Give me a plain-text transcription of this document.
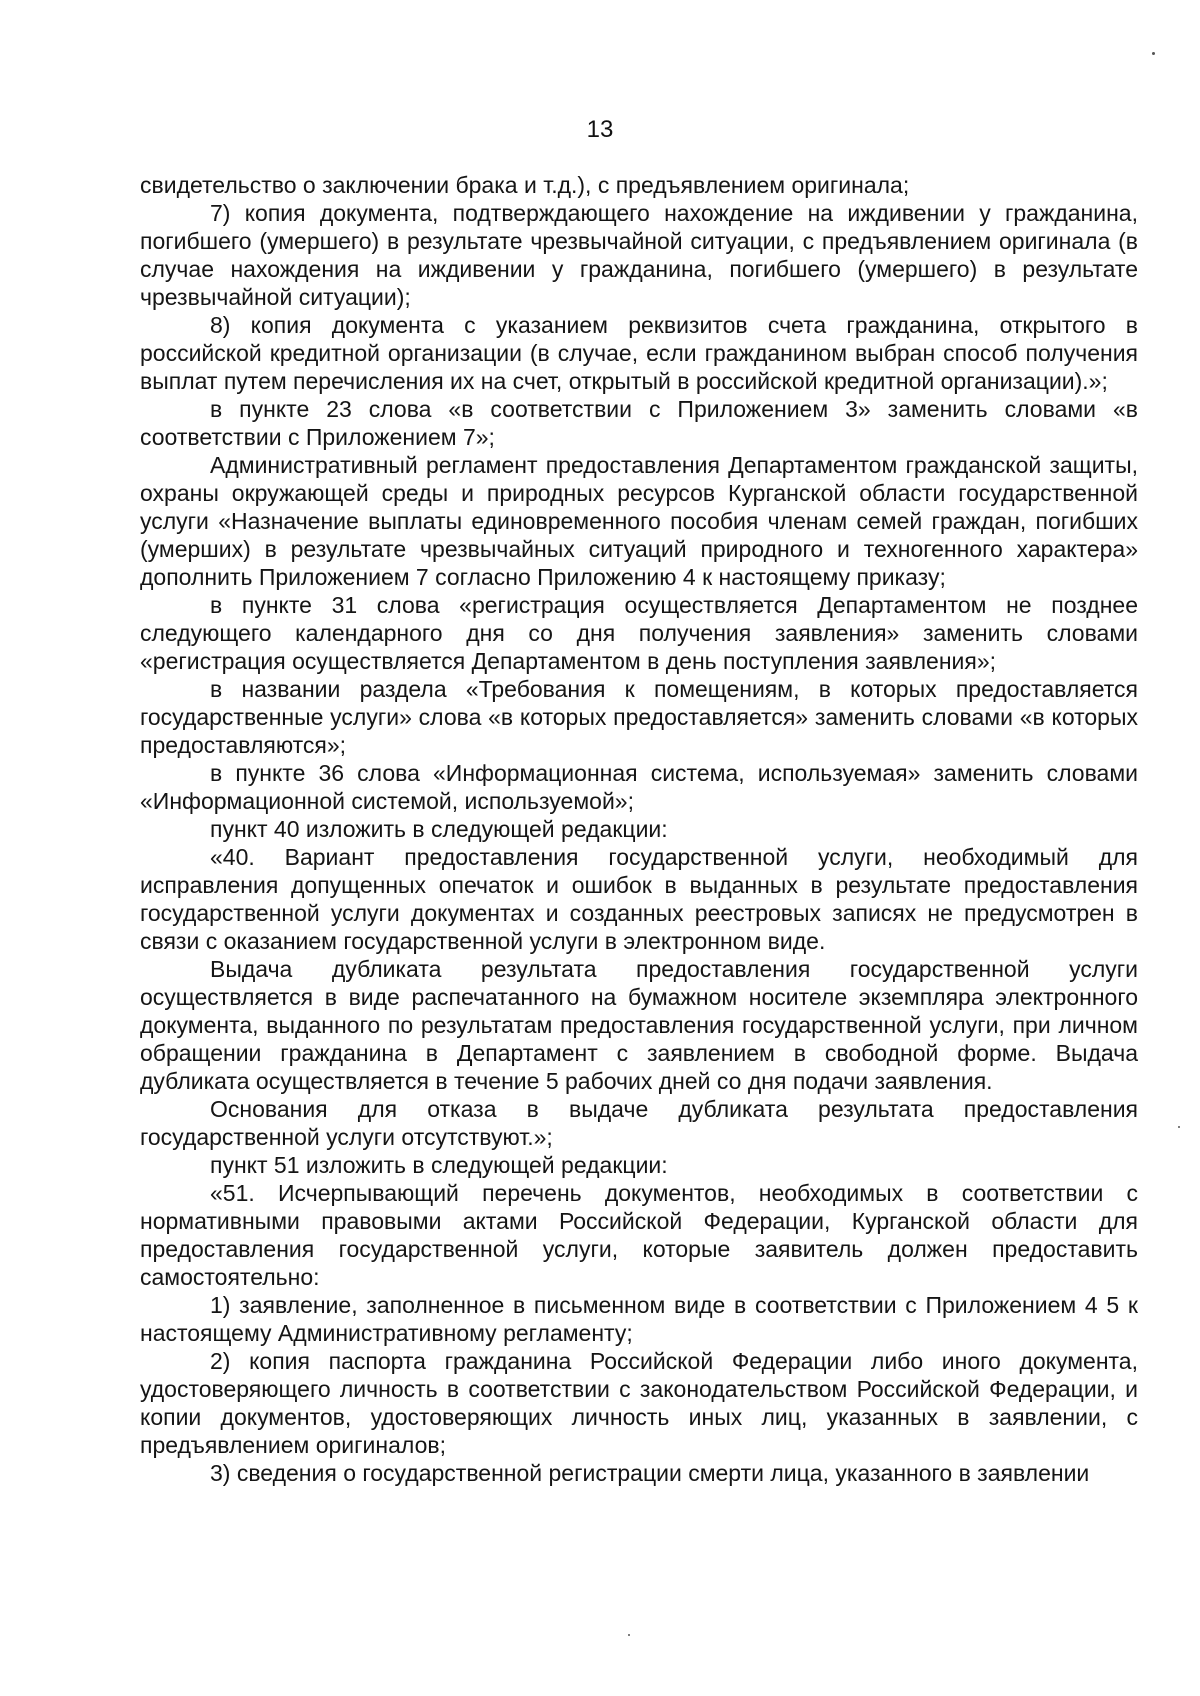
13

свидетельство о заключении брака и т.д.), с предъявлением оригинала;

7) копия документа, подтверждающего нахождение на иждивении у гражданина, погибшего (умершего) в результате чрезвычайной ситуации, с предъявлением оригинала (в случае нахождения на иждивении у гражданина, погибшего (умершего) в результате чрезвычайной ситуации);

8) копия документа с указанием реквизитов счета гражданина, открытого в российской кредитной организации (в случае, если гражданином выбран способ получения выплат путем перечисления их на счет, открытый в российской кредитной организации).»;

в пункте 23 слова «в соответствии с Приложением 3» заменить словами «в соответствии с Приложением 7»;

Административный регламент предоставления Департаментом гражданской защиты, охраны окружающей среды и природных ресурсов Курганской области государственной услуги «Назначение выплаты единовременного пособия членам семей граждан, погибших (умерших) в результате чрезвычайных ситуаций природного и техногенного характера» дополнить Приложением 7 согласно Приложению 4 к настоящему приказу;

в пункте 31 слова «регистрация осуществляется Департаментом не позднее следующего календарного дня со дня получения заявления» заменить словами «регистрация осуществляется Департаментом в день поступления заявления»;

в названии раздела «Требования к помещениям, в которых предоставляется государственные услуги» слова «в которых предоставляется» заменить словами «в которых предоставляются»;

в пункте 36 слова «Информационная система, используемая» заменить словами «Информационной системой, используемой»;

пункт 40 изложить в следующей редакции:

«40. Вариант предоставления государственной услуги, необходимый для исправления допущенных опечаток и ошибок в выданных в результате предоставления государственной услуги документах и созданных реестровых записях не предусмотрен в связи с оказанием государственной услуги в электронном виде.

Выдача дубликата результата предоставления государственной услуги осуществляется в виде распечатанного на бумажном носителе экземпляра электронного документа, выданного по результатам предоставления государственной услуги, при личном обращении гражданина в Департамент с заявлением в свободной форме. Выдача дубликата осуществляется в течение 5 рабочих дней со дня подачи заявления.

Основания для отказа в выдаче дубликата результата предоставления государственной услуги отсутствуют.»;

пункт 51 изложить в следующей редакции:

«51. Исчерпывающий перечень документов, необходимых в соответствии с нормативными правовыми актами Российской Федерации, Курганской области для предоставления государственной услуги, которые заявитель должен предоставить самостоятельно:

1) заявление, заполненное в письменном виде в соответствии с Приложением 4 5 к настоящему Административному регламенту;

2) копия паспорта гражданина Российской Федерации либо иного документа, удостоверяющего личность в соответствии с законодательством Российской Федерации, и копии документов, удостоверяющих личность иных лиц, указанных в заявлении, с предъявлением оригиналов;

3) сведения о государственной регистрации смерти лица, указанного в заявлении
